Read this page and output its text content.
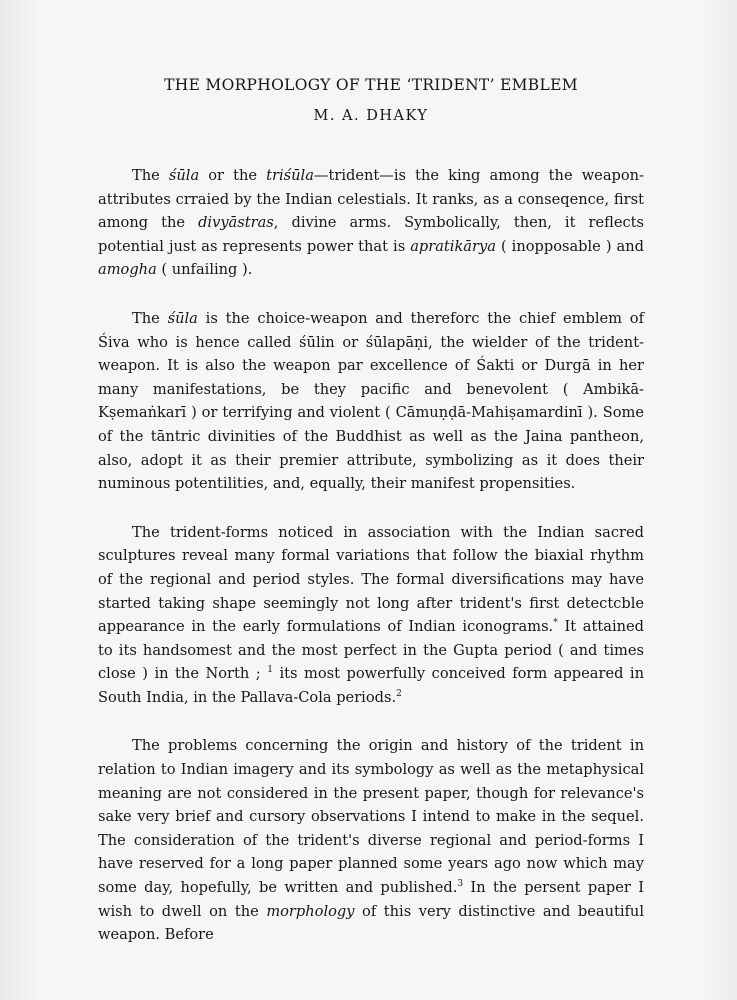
THE MORPHOLOGY OF THE ‘TRIDENT’ EMBLEM
M. A. DHAKY

The śūla or the triśūla—trident—is the king among the weapon-attributes crraied by the Indian celestials. It ranks, as a conseqence, first among the divyāstras, divine arms. Symbolically, then, it reflects potential just as represents power that is apratikārya ( inopposable ) and amogha ( unfailing ).

The śūla is the choice-weapon and thereforc the chief emblem of Śiva who is hence called śūlin or śūlapāṇi, the wielder of the trident-weapon. It is also the weapon par excellence of Śakti or Durgā in her many manifestations, be they pacific and benevolent ( Ambikā-Kṣemaṅkarī ) or terrifying and violent ( Cāmuṇḍā-Mahiṣamardinī ). Some of the tāntric divinities of the Buddhist as well as the Jaina pantheon, also, adopt it as their premier attribute, symbolizing as it does their numinous potentilities, and, equally, their manifest propensities.

The trident-forms noticed in association with the Indian sacred sculptures reveal many formal variations that follow the biaxial rhythm of the regional and period styles. The formal diversifications may have started taking shape seemingly not long after trident's first detectcble appearance in the early formulations of Indian iconograms.* It attained to its handsomest and the most perfect in the Gupta period ( and times close ) in the North ; $^1$ its most powerfully conceived form appeared in South India, in the Pallava-Cola periods.$^2$

The problems concerning the origin and history of the trident in relation to Indian imagery and its symbology as well as the metaphysical meaning are not considered in the present paper, though for relevance's sake very brief and cursory observations I intend to make in the sequel. The consideration of the trident's diverse regional and period-forms I have reserved for a long paper planned some years ago now which may some day, hopefully, be written and published.$^3$ In the persent paper I wish to dwell on the morphology of this very distinctive and beautiful weapon. Before
